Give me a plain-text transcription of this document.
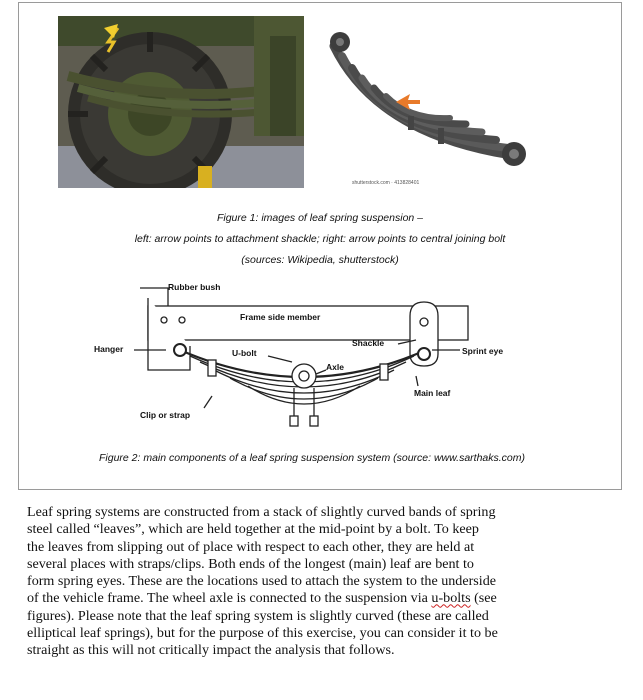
shutterstock.com · 413828401
Figure 1: images of leaf spring suspension –
left: arrow points to attachment shackle; right: arrow points to central joining bolt
(sources: Wikipedia, shutterstock)
Rubber bush
Frame side member
Hanger	U-bolt
Shackle
Sprint eye
Axle
Main leaf
Clip or strap
Figure 2: main components of a leaf spring suspension system (source: www.sarthaks.com)
Leaf spring systems are constructed from a stack of slightly curved bands of spring
steel called “leaves”, which are held together at the mid-point by a bolt. To keep
the leaves from slipping out of place with respect to each other, they are held at
several places with straps/clips. Both ends of the longest (main) leaf are bent to
form spring eyes. These are the locations used to attach the system to the underside
of the vehicle frame. The wheel axle is connected to the suspension via u-bolts (see
figures). Please note that the leaf spring system is slightly curved (these are called
elliptical leaf springs), but for the purpose of this exercise, you can consider it to be
straight as this will not critically impact the analysis that follows.
